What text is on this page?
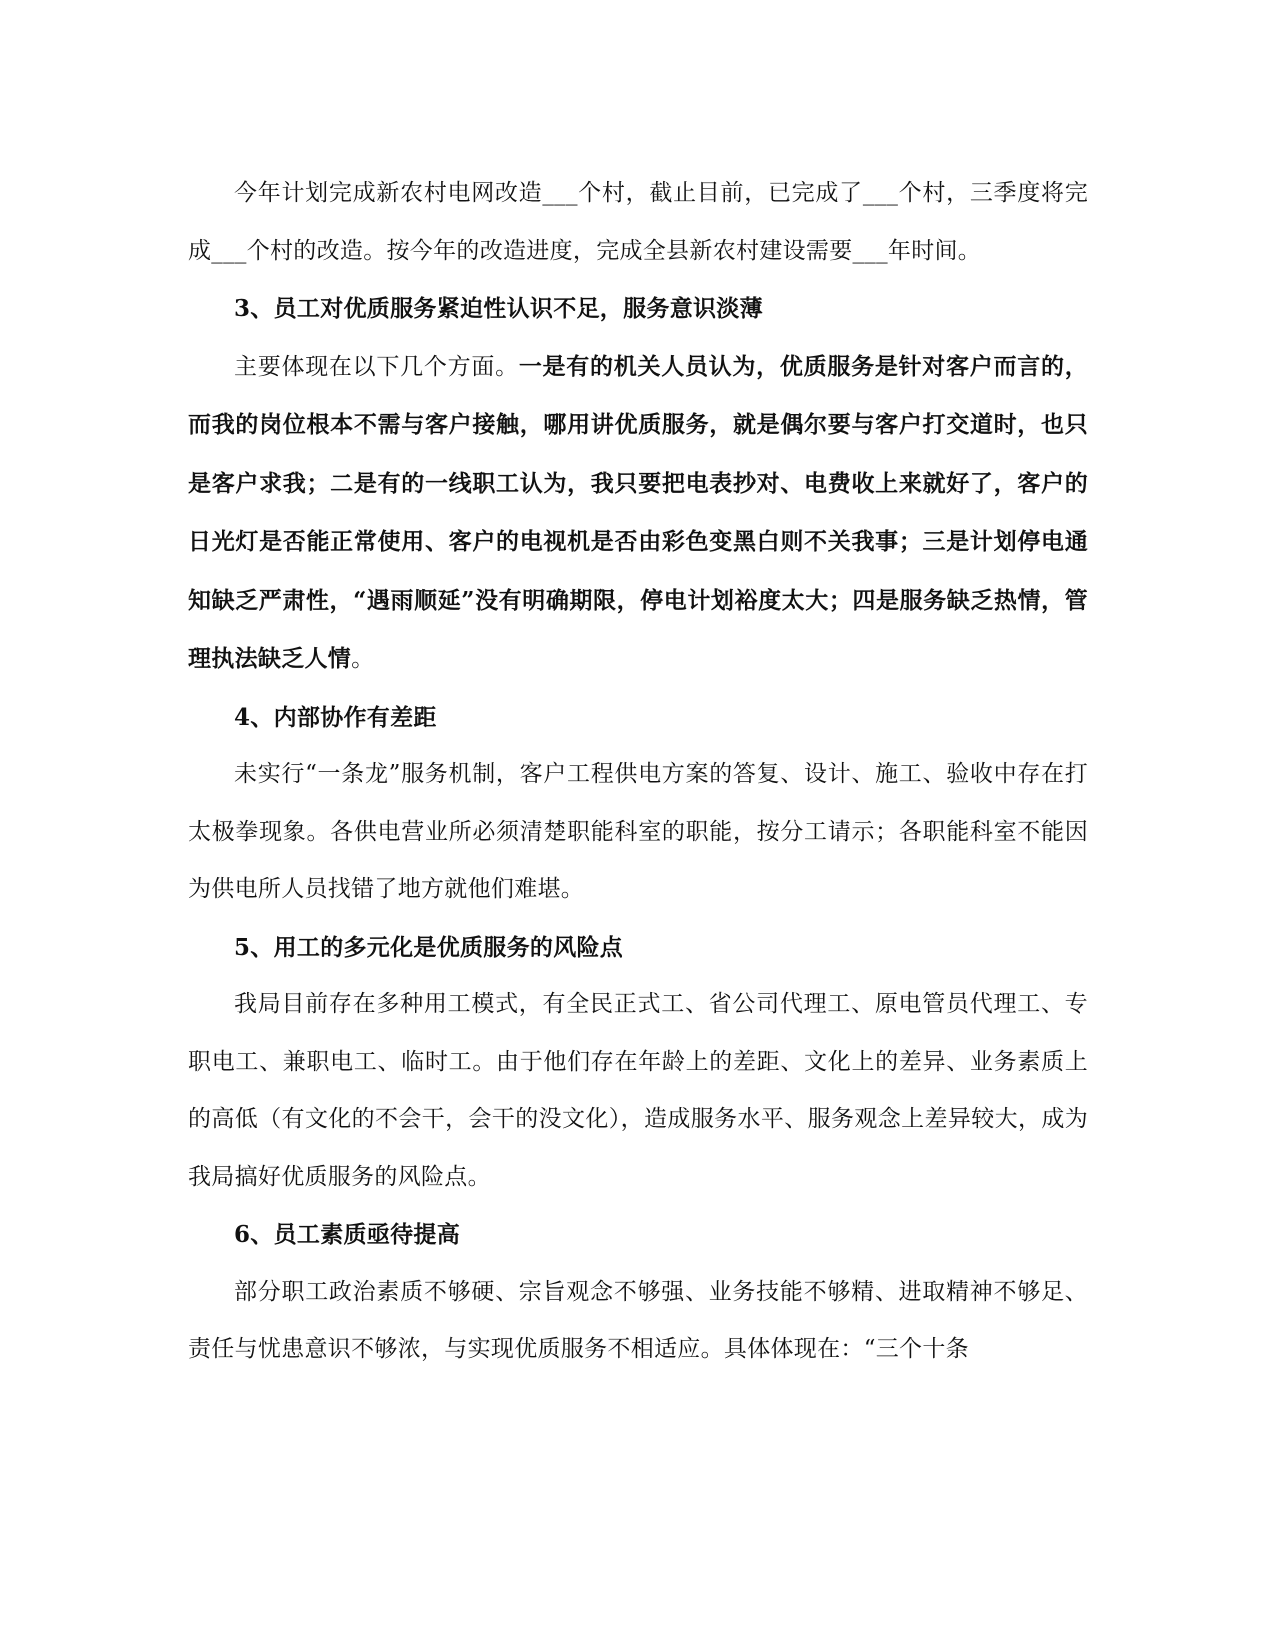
今年计划完成新农村电网改造___个村，截止目前，已完成了___个村，三季度将完成___个村的改造。按今年的改造进度，完成全县新农村建设需要___年时间。

3、员工对优质服务紧迫性认识不足，服务意识淡薄

主要体现在以下几个方面。一是有的机关人员认为，优质服务是针对客户而言的，而我的岗位根本不需与客户接触，哪用讲优质服务，就是偶尔要与客户打交道时，也只是客户求我；二是有的一线职工认为，我只要把电表抄对、电费收上来就好了，客户的日光灯是否能正常使用、客户的电视机是否由彩色变黑白则不关我事；三是计划停电通知缺乏严肃性，“遇雨顺延”没有明确期限，停电计划裕度太大；四是服务缺乏热情，管理执法缺乏人情。

4、内部协作有差距

未实行“一条龙”服务机制，客户工程供电方案的答复、设计、施工、验收中存在打太极拳现象。各供电营业所必须清楚职能科室的职能，按分工请示；各职能科室不能因为供电所人员找错了地方就他们难堪。

5、用工的多元化是优质服务的风险点

我局目前存在多种用工模式，有全民正式工、省公司代理工、原电管员代理工、专职电工、兼职电工、临时工。由于他们存在年龄上的差距、文化上的差异、业务素质上的高低（有文化的不会干，会干的没文化），造成服务水平、服务观念上差异较大，成为我局搞好优质服务的风险点。

6、员工素质亟待提高

部分职工政治素质不够硬、宗旨观念不够强、业务技能不够精、进取精神不够足、责任与忧患意识不够浓，与实现优质服务不相适应。具体体现在：“三个十条
